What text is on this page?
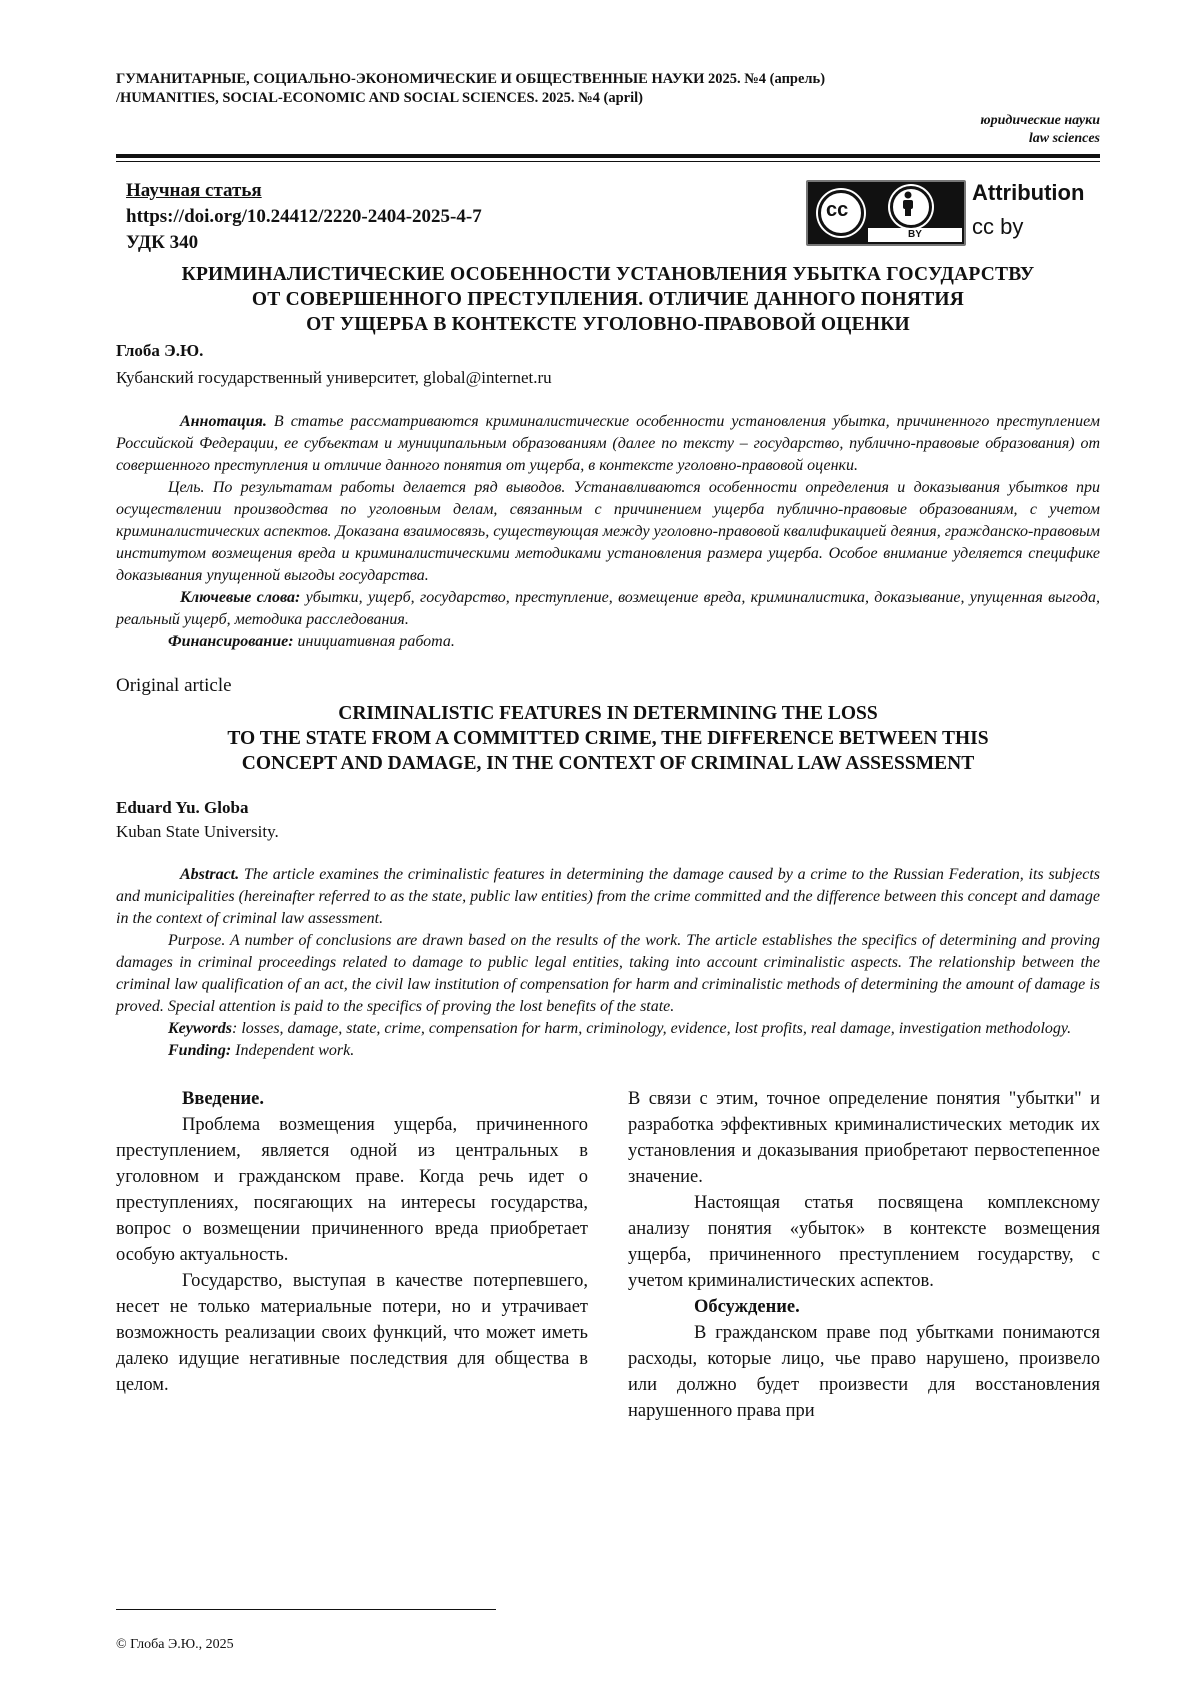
ГУМАНИТАРНЫЕ, СОЦИАЛЬНО-ЭКОНОМИЧЕСКИЕ И ОБЩЕСТВЕННЫЕ НАУКИ 2025. №4 (апрель)
/HUMANITIES, SOCIAL-ECONOMIC AND SOCIAL SCIENCES. 2025. №4 (april)
юридические науки
law sciences
Научная статья
https://doi.org/10.24412/2220-2404-2025-4-7
УДК 340
cc
BY
Attribution
cc by
КРИМИНАЛИСТИЧЕСКИЕ ОСОБЕННОСТИ УСТАНОВЛЕНИЯ УБЫТКА ГОСУДАРСТВУ
ОТ СОВЕРШЕННОГО ПРЕСТУПЛЕНИЯ. ОТЛИЧИЕ ДАННОГО ПОНЯТИЯ
ОТ УЩЕРБА В КОНТЕКСТЕ УГОЛОВНО-ПРАВОВОЙ ОЦЕНКИ
Глоба Э.Ю.
Кубанский государственный университет, global@internet.ru

Аннотация. В статье рассматриваются криминалистические особенности установления убытка, причиненного преступлением Российской Федерации, ее субъектам и муниципальным образованиям (далее по тексту – государство, публично-правовые образования) от совершенного преступления и отличие данного понятия от ущерба, в контексте уголовно-правовой оценки.

Цель. По результатам работы делается ряд выводов. Устанавливаются особенности определения и доказывания убытков при осуществлении производства по уголовным делам, связанным с причинением ущерба публично-правовые образованиям, с учетом криминалистических аспектов. Доказана взаимосвязь, существующая между уголовно-правовой квалификацией деяния, гражданско-правовым институтом возмещения вреда и криминалистическими методиками установления размера ущерба. Особое внимание уделяется специфике доказывания упущенной выгоды государства.

Ключевые слова: убытки, ущерб, государство, преступление, возмещение вреда, криминалистика, доказывание, упущенная выгода, реальный ущерб, методика расследования.

Финансирование: инициативная работа.

Original article
CRIMINALISTIC FEATURES IN DETERMINING THE LOSS
TO THE STATE FROM A COMMITTED CRIME, THE DIFFERENCE BETWEEN THIS
CONCEPT AND DAMAGE, IN THE CONTEXT OF CRIMINAL LAW ASSESSMENT
Eduard Yu. Globa
Kuban State University.

Abstract. The article examines the criminalistic features in determining the damage caused by a crime to the Russian Federation, its subjects and municipalities (hereinafter referred to as the state, public law entities) from the crime committed and the difference between this concept and damage in the context of criminal law assessment.

Purpose. A number of conclusions are drawn based on the results of the work. The article establishes the specifics of determining and proving damages in criminal proceedings related to damage to public legal entities, taking into account criminalistic aspects. The relationship between the criminal law qualification of an act, the civil law institution of compensation for harm and criminalistic methods of determining the amount of damage is proved. Special attention is paid to the specifics of proving the lost benefits of the state.

Keywords: losses, damage, state, crime, compensation for harm, criminology, evidence, lost profits, real damage, investigation methodology.

Funding: Independent work.

Введение.

Проблема возмещения ущерба, причиненного преступлением, является одной из центральных в уголовном и гражданском праве. Когда речь идет о преступлениях, посягающих на интересы государства, вопрос о возмещении причиненного вреда приобретает особую актуальность.

Государство, выступая в качестве потерпевшего, несет не только материальные потери, но и утрачивает возможность реализации своих функций, что может иметь далеко идущие негативные последствия для общества в целом.

В связи с этим, точное определение понятия "убытки" и разработка эффективных криминалистических методик их установления и доказывания приобретают первостепенное значение.

Настоящая статья посвящена комплексному анализу понятия «убыток» в контексте возмещения ущерба, причиненного преступлением государству, с учетом криминалистических аспектов.

Обсуждение.

В гражданском праве под убытками понимаются расходы, которые лицо, чье право нарушено, произвело или должно будет произвести для восстановления нарушенного права при

© Глоба Э.Ю., 2025
